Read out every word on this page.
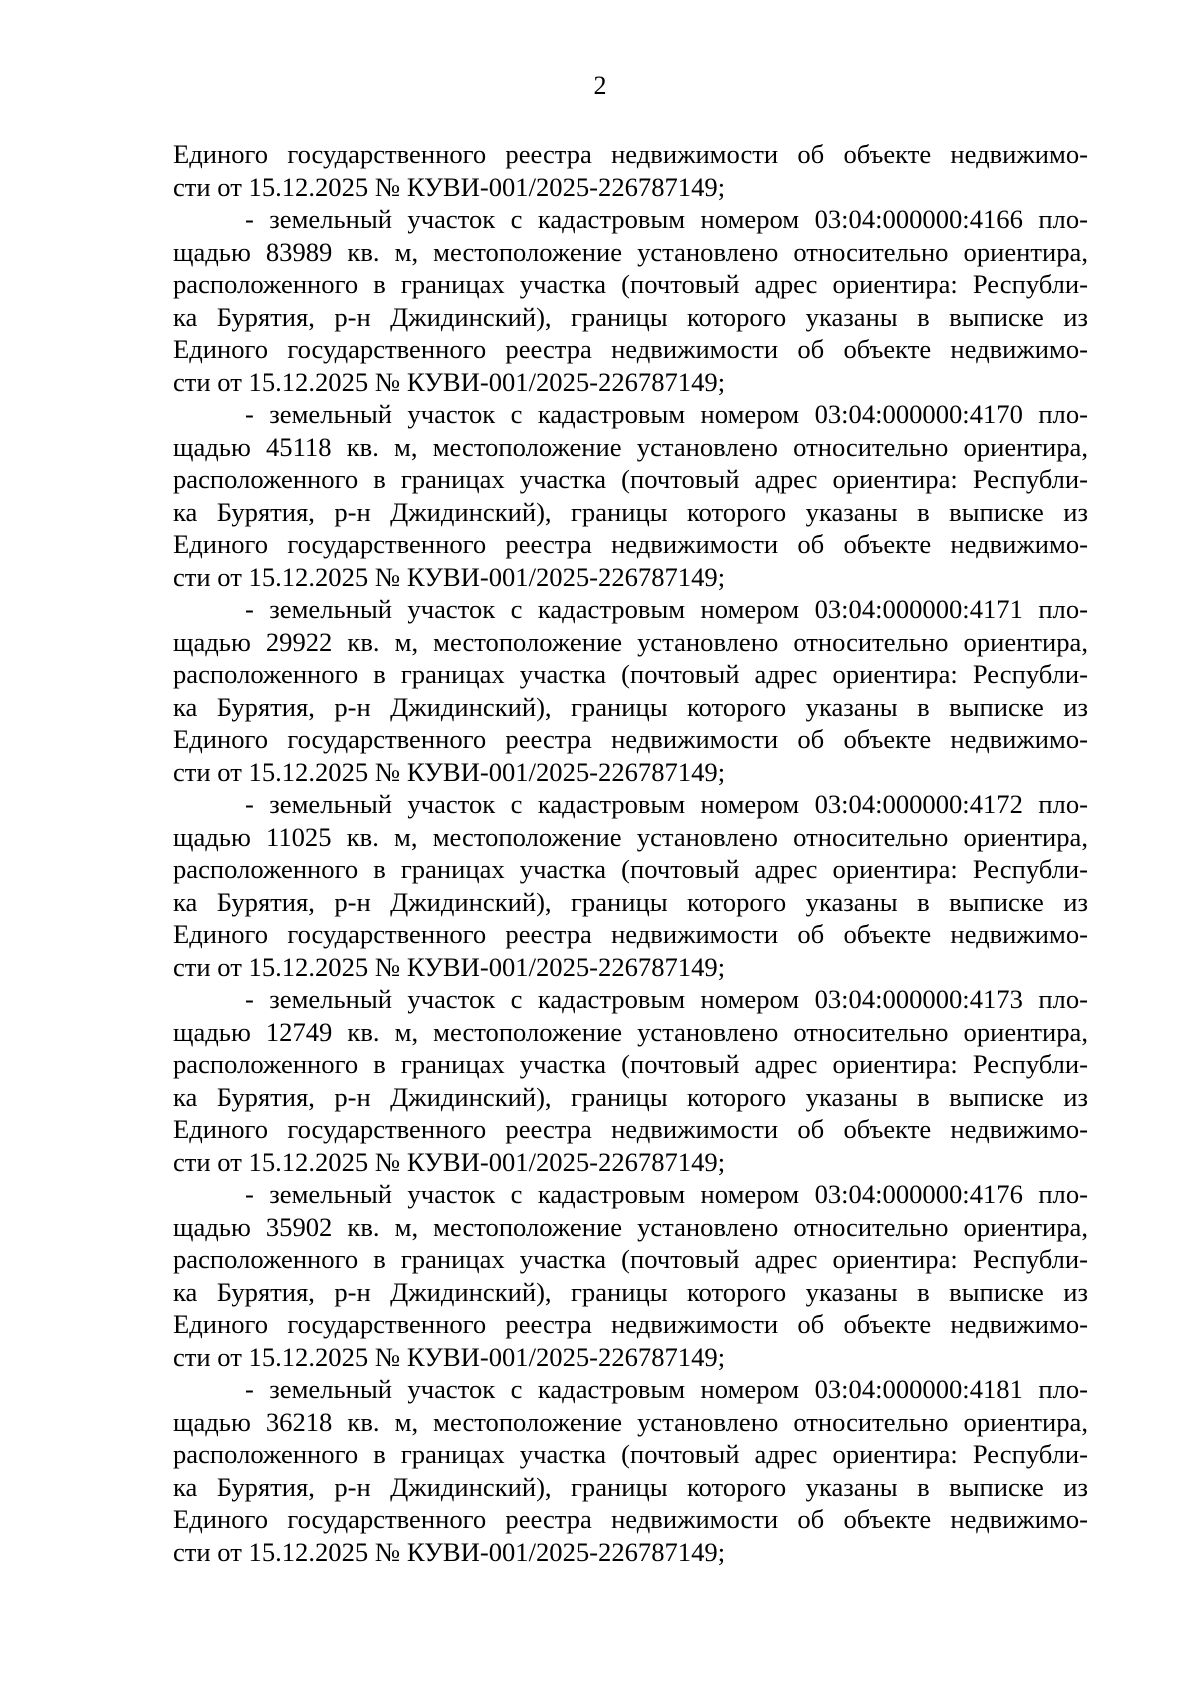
2
Единого государственного реестра недвижимости об объекте недвижимо-
сти от 15.12.2025 № КУВИ-001/2025-226787149;
- земельный участок с кадастровым номером 03:04:000000:4166 пло-
щадью 83989 кв. м, местоположение установлено относительно ориентира,
расположенного в границах участка (почтовый адрес ориентира: Республи-
ка Бурятия, р-н Джидинский), границы которого указаны в выписке из
Единого государственного реестра недвижимости об объекте недвижимо-
сти от 15.12.2025 № КУВИ-001/2025-226787149;
- земельный участок с кадастровым номером 03:04:000000:4170 пло-
щадью 45118 кв. м, местоположение установлено относительно ориентира,
расположенного в границах участка (почтовый адрес ориентира: Республи-
ка Бурятия, р-н Джидинский), границы которого указаны в выписке из
Единого государственного реестра недвижимости об объекте недвижимо-
сти от 15.12.2025 № КУВИ-001/2025-226787149;
- земельный участок с кадастровым номером 03:04:000000:4171 пло-
щадью 29922 кв. м, местоположение установлено относительно ориентира,
расположенного в границах участка (почтовый адрес ориентира: Республи-
ка Бурятия, р-н Джидинский), границы которого указаны в выписке из
Единого государственного реестра недвижимости об объекте недвижимо-
сти от 15.12.2025 № КУВИ-001/2025-226787149;
- земельный участок с кадастровым номером 03:04:000000:4172 пло-
щадью 11025 кв. м, местоположение установлено относительно ориентира,
расположенного в границах участка (почтовый адрес ориентира: Республи-
ка Бурятия, р-н Джидинский), границы которого указаны в выписке из
Единого государственного реестра недвижимости об объекте недвижимо-
сти от 15.12.2025 № КУВИ-001/2025-226787149;
- земельный участок с кадастровым номером 03:04:000000:4173 пло-
щадью 12749 кв. м, местоположение установлено относительно ориентира,
расположенного в границах участка (почтовый адрес ориентира: Республи-
ка Бурятия, р-н Джидинский), границы которого указаны в выписке из
Единого государственного реестра недвижимости об объекте недвижимо-
сти от 15.12.2025 № КУВИ-001/2025-226787149;
- земельный участок с кадастровым номером 03:04:000000:4176 пло-
щадью 35902 кв. м, местоположение установлено относительно ориентира,
расположенного в границах участка (почтовый адрес ориентира: Республи-
ка Бурятия, р-н Джидинский), границы которого указаны в выписке из
Единого государственного реестра недвижимости об объекте недвижимо-
сти от 15.12.2025 № КУВИ-001/2025-226787149;
- земельный участок с кадастровым номером 03:04:000000:4181 пло-
щадью 36218 кв. м, местоположение установлено относительно ориентира,
расположенного в границах участка (почтовый адрес ориентира: Республи-
ка Бурятия, р-н Джидинский), границы которого указаны в выписке из
Единого государственного реестра недвижимости об объекте недвижимо-
сти от 15.12.2025 № КУВИ-001/2025-226787149;
